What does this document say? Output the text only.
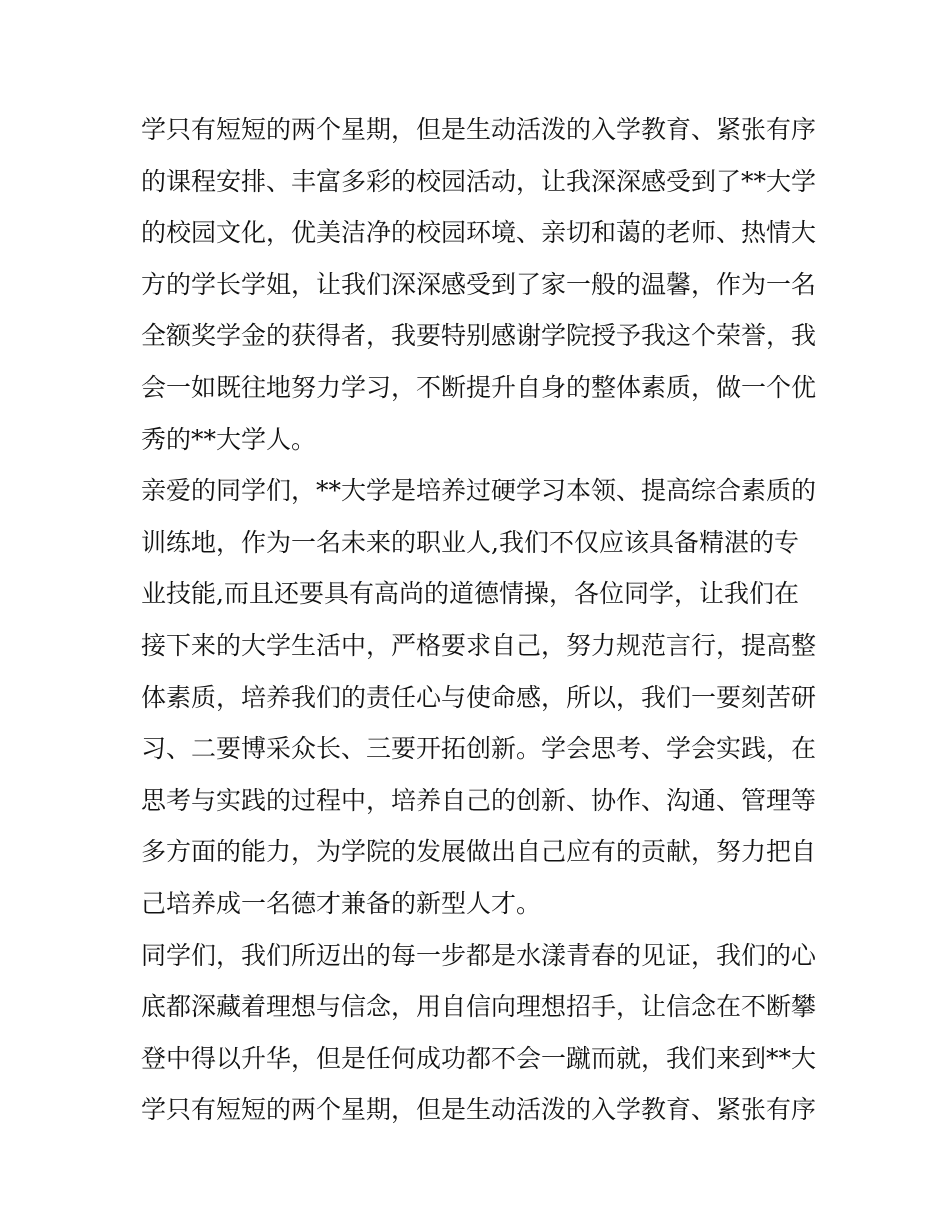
学只有短短的两个星期，但是生动活泼的入学教育、紧张有序
的课程安排、丰富多彩的校园活动，让我深深感受到了**大学
的校园文化，优美洁净的校园环境、亲切和蔼的老师、热情大
方的学长学姐，让我们深深感受到了家一般的温馨，作为一名
全额奖学金的获得者，我要特别感谢学院授予我这个荣誉，我
会一如既往地努力学习，不断提升自身的整体素质，做一个优
秀的**大学人。
亲爱的同学们，**大学是培养过硬学习本领、提高综合素质的
训练地，作为一名未来的职业人,我们不仅应该具备精湛的专
业技能,而且还要具有高尚的道德情操，各位同学，让我们在
接下来的大学生活中，严格要求自己，努力规范言行，提高整
体素质，培养我们的责任心与使命感，所以，我们一要刻苦研
习、二要博采众长、三要开拓创新。学会思考、学会实践，在
思考与实践的过程中，培养自己的创新、协作、沟通、管理等
多方面的能力，为学院的发展做出自己应有的贡献，努力把自
己培养成一名德才兼备的新型人才。
同学们，我们所迈出的每一步都是水漾青春的见证，我们的心
底都深藏着理想与信念，用自信向理想招手，让信念在不断攀
登中得以升华，但是任何成功都不会一蹴而就，我们来到**大
学只有短短的两个星期，但是生动活泼的入学教育、紧张有序
